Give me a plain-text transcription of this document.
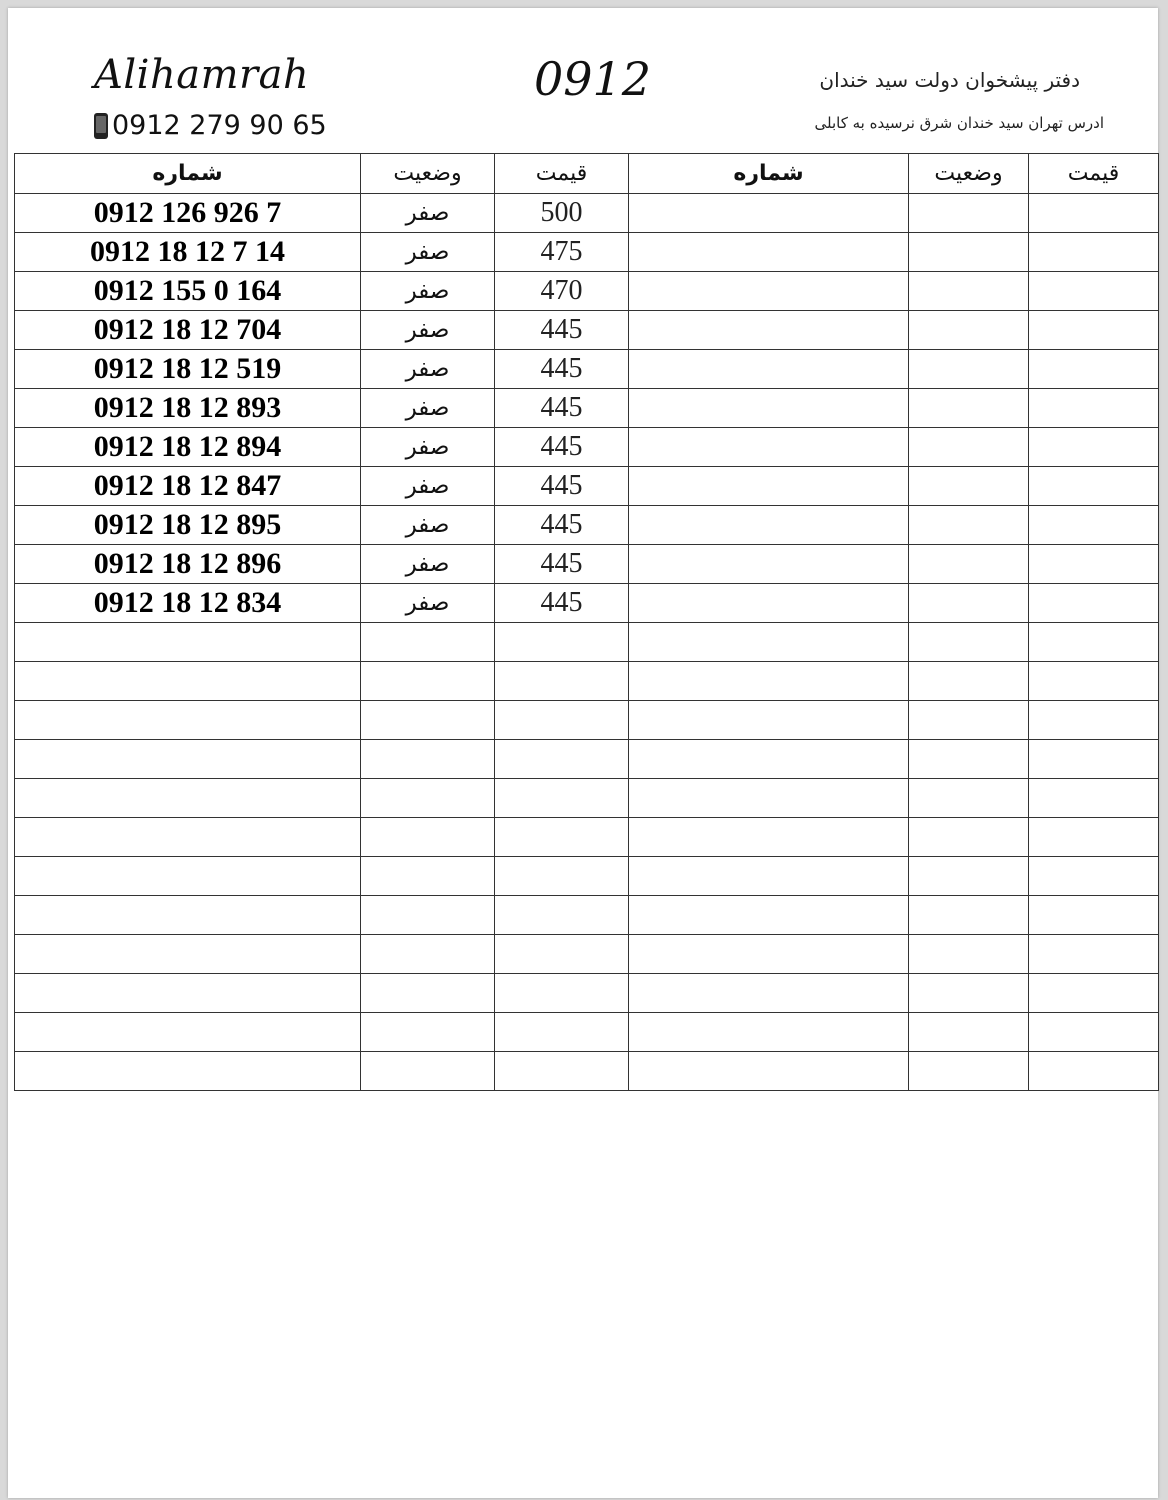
Alihamrah
0912 279 90 65
0912	دفتر پیشخوان دولت سید خندان
ادرس تهران سید خندان شرق نرسیده به کابلی
شماره	وضعیت	قیمت	شماره	وضعیت	قیمت
0912 126 926 7	صفر	500			
0912 18 12 7 14	صفر	475			
0912 155 0 164	صفر	470			
0912 18 12 704	صفر	445			
0912 18 12 519	صفر	445			
0912 18 12 893	صفر	445			
0912 18 12 894	صفر	445			
0912 18 12 847	صفر	445			
0912 18 12 895	صفر	445			
0912 18 12 896	صفر	445			
0912 18 12 834	صفر	445			
